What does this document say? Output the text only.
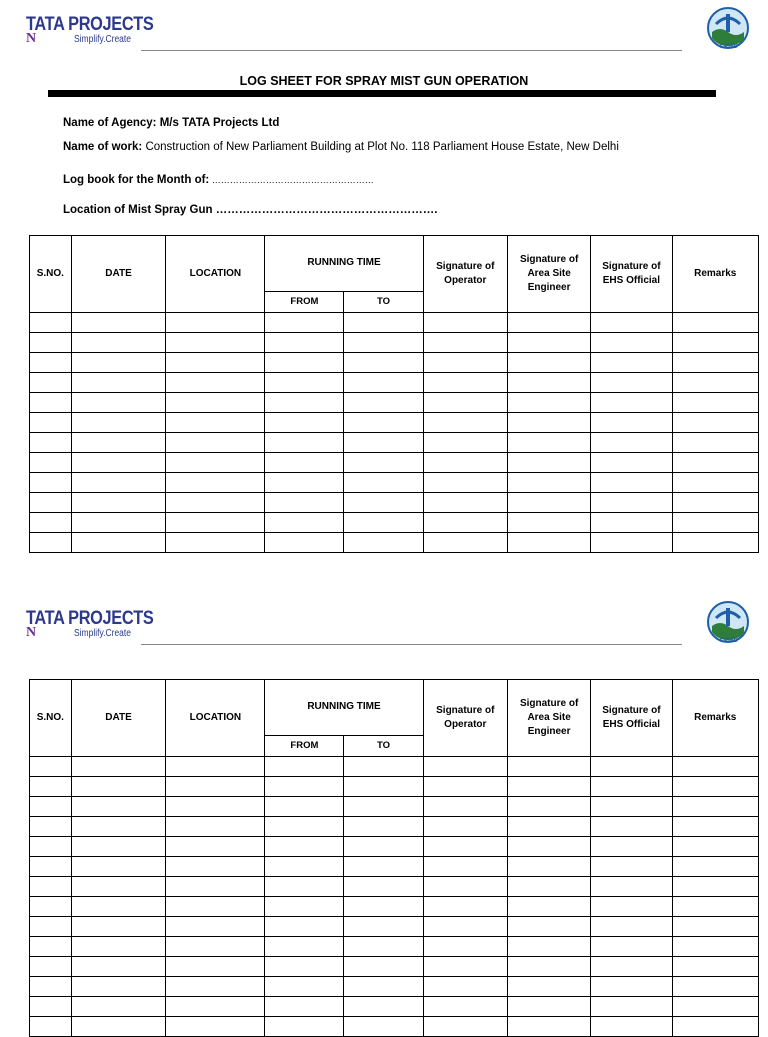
TATA PROJECTS
N	Simplify.Create
CPWD
LOG SHEET FOR SPRAY MIST GUN OPERATION
Name of Agency: M/s TATA Projects Ltd
Name of work: Construction of New Parliament Building at Plot No. 118 Parliament House Estate, New Delhi
Log book for the Month of: ………………………………………………
Location of Mist Spray Gun ………………………………………………….
S.NO.	DATE	LOCATION	RUNNING TIME		Signature of Operator	Signature of Area Site Engineer	Signature of EHS Official	Remarks
			FROM	TO				

TATA PROJECTS
N	Simplify.Create
CPWD
S.NO.	DATE	LOCATION	RUNNING TIME		Signature of Operator	Signature of Area Site Engineer	Signature of EHS Official	Remarks
			FROM	TO				
